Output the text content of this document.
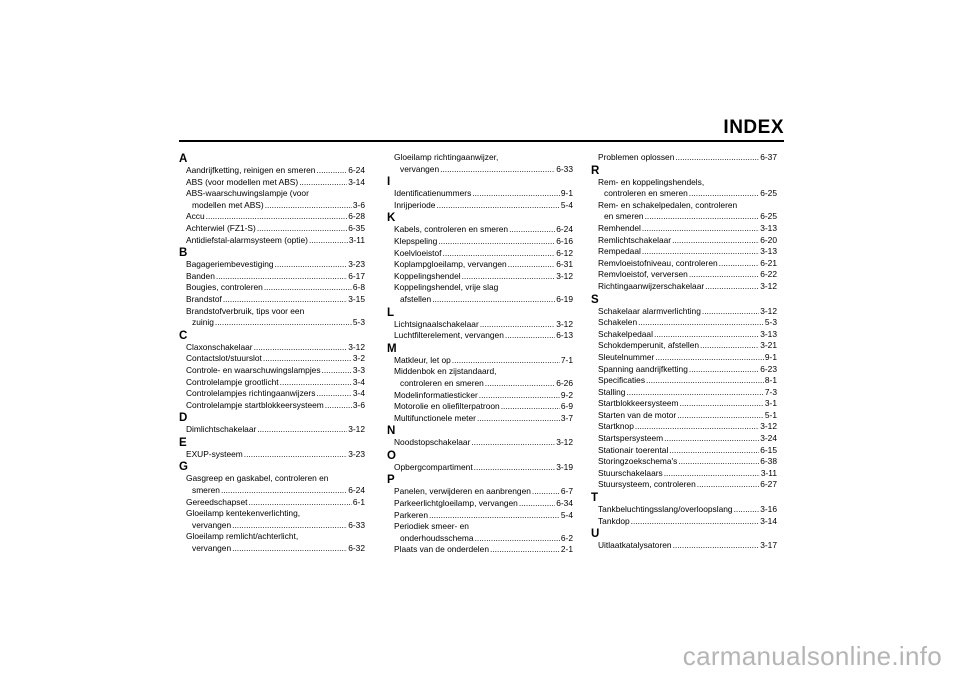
INDEX
A
Aandrijfketting, reinigen en smeren .....	6-24
ABS (voor modellen met ABS) .....	3-14
ABS-waarschuwingslampje (voor
modellen met ABS) .....	3-6
Accu .....	6-28
Achterwiel (FZ1-S) .....	6-35
Antidiefstal-alarmsysteem (optie) .....	3-11
B
Bagageriembevestiging .....	3-23
Banden .....	6-17
Bougies, controleren .....	6-8
Brandstof .....	3-15
Brandstofverbruik, tips voor een
zuinig .....	5-3
C
Claxonschakelaar .....	3-12
Contactslot/stuurslot .....	3-2
Controle- en waarschuwingslampjes .....	3-3
Controlelampje grootlicht .....	3-4
Controlelampjes richtingaanwijzers .....	3-4
Controlelampje startblokkeersysteem .....	3-6
D
Dimlichtschakelaar .....	3-12
E
EXUP-systeem .....	3-23
G
Gasgreep en gaskabel, controleren en
smeren .....	6-24
Gereedschapset .....	6-1
Gloeilamp kentekenverlichting,
vervangen .....	6-33
Gloeilamp remlicht/achterlicht,
vervangen .....	6-32
Gloeilamp richtingaanwijzer,
vervangen .....	6-33
I
Identificatienummers .....	9-1
Inrijperiode .....	5-4
K
Kabels, controleren en smeren .....	6-24
Klepspeling .....	6-16
Koelvloeistof .....	6-12
Koplampgloeilamp, vervangen .....	6-31
Koppelingshendel .....	3-12
Koppelingshendel, vrije slag
afstellen .....	6-19
L
Lichtsignaalschakelaar .....	3-12
Luchtfilterelement, vervangen .....	6-13
M
Matkleur, let op .....	7-1
Middenbok en zijstandaard,
controleren en smeren .....	6-26
Modelinformatiesticker .....	9-2
Motorolie en oliefilterpatroon .....	6-9
Multifunctionele meter .....	3-7
N
Noodstopschakelaar .....	3-12
O
Opbergcompartiment .....	3-19
P
Panelen, verwijderen en aanbrengen .....	6-7
Parkeerlichtgloeilamp, vervangen .....	6-34
Parkeren .....	5-4
Periodiek smeer- en
onderhoudsschema .....	6-2
Plaats van de onderdelen .....	2-1
Problemen oplossen .....	6-37
R
Rem- en koppelingshendels,
controleren en smeren .....	6-25
Rem- en schakelpedalen, controleren
en smeren .....	6-25
Remhendel .....	3-13
Remlichtschakelaar .....	6-20
Rempedaal .....	3-13
Remvloeistofniveau, controleren .....	6-21
Remvloeistof, verversen .....	6-22
Richtingaanwijzerschakelaar .....	3-12
S
Schakelaar alarmverlichting .....	3-12
Schakelen .....	5-3
Schakelpedaal .....	3-13
Schokdemperunit, afstellen .....	3-21
Sleutelnummer .....	9-1
Spanning aandrijfketting .....	6-23
Specificaties .....	8-1
Stalling .....	7-3
Startblokkeersysteem .....	3-1
Starten van de motor .....	5-1
Startknop .....	3-12
Startspersysteem .....	3-24
Stationair toerental .....	6-15
Storingzoekschema's .....	6-38
Stuurschakelaars .....	3-11
Stuursysteem, controleren .....	6-27
T
Tankbeluchtingsslang/overloopslang .....	3-16
Tankdop .....	3-14
U
Uitlaatkatalysatoren .....	3-17
carmanualsonline.info
